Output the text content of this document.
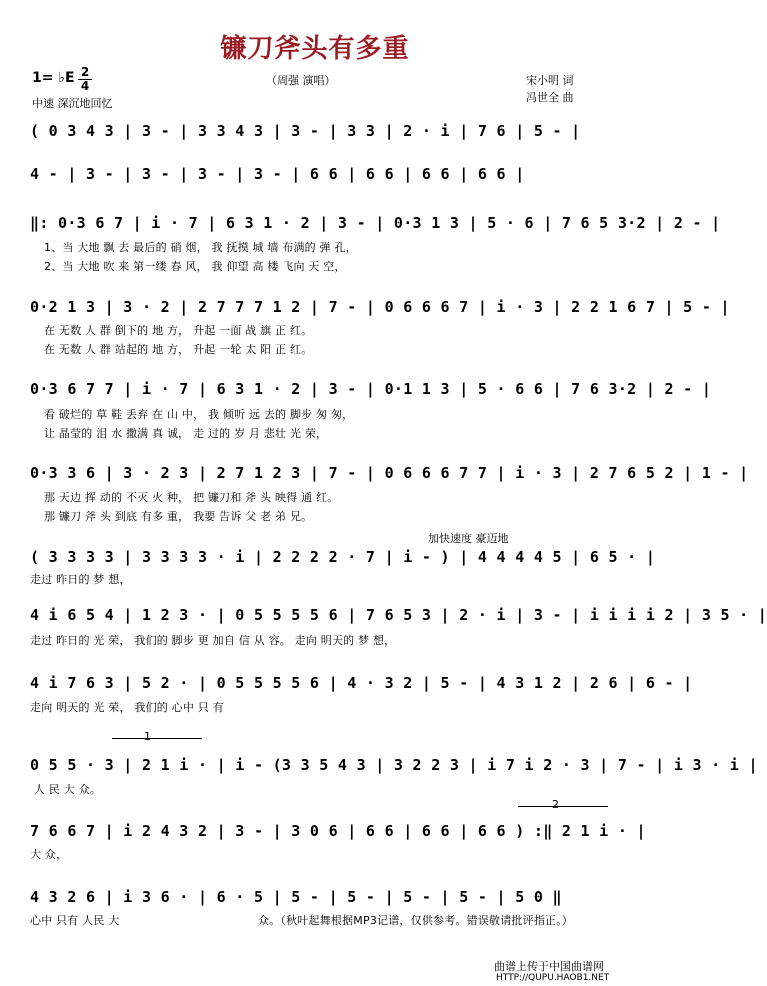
镰刀斧头有多重
1= ♭E $\frac{2}{4}$	（周强 演唱）	宋小明 词
冯世全 曲
中速 深沉地回忆
加快速度 豪迈地
1
2
( 0 3 4 3 | 3 - | 3 3 4 3 | 3 - | 3 3 | 2 · i | 7 6 | 5 - |
4 - | 3 - | 3 - | 3 - | 3 - | 6 6 | 6 6 | 6 6 | 6 6 |
‖: 0·3 6 7 | i · 7 | 6 3 1 · 2 | 3 - | 0·3 1 3 | 5 · 6 | 7 6 5 3·2 | 2 - |
1、当 大地 飘 去 最后的 硝 烟， 我 抚摸 城 墙 布满的 弹 孔，
2、当 大地 吹 来 第一缕 春 风， 我 仰望 高 楼 飞向 天 空，
0·2 1 3 | 3 · 2 | 2 7 7 7 1 2 | 7 - | 0 6 6 6 7 | i · 3 | 2 2 1 6 7 | 5 - |
在 无数 人 群 倒下的 地 方， 升起 一面 战 旗 正 红。
在 无数 人 群 站起的 地 方， 升起 一轮 太 阳 正 红。
0·3 6 7 7 | i · 7 | 6 3 1 · 2 | 3 - | 0·1 1 3 | 5 · 6 6 | 7 6 3·2 | 2 - |
看 破烂的 草 鞋 丢弃 在 山 中， 我 倾听 远 去的 脚步 匆 匆，
让 晶莹的 泪 水 撒满 真 诚， 走 过的 岁 月 悲壮 光 荣，
0·3 3 6 | 3 · 2 3 | 2 7 1 2 3 | 7 - | 0 6 6 6 7 7 | i · 3 | 2 7 6 5 2 | 1 - |
那 天边 挥 动的 不灭 火 种， 把 镰刀和 斧 头 映得 通 红。
那 镰刀 斧 头 到底 有多 重， 我要 告诉 父 老 弟 兄。
( 3 3 3 3 | 3 3 3 3 · i | 2 2 2 2 · 7 | i - ) | 4 4 4 4 5 | 6 5 · |
走过 昨日的 梦 想，
4 i 6 5 4 | 1 2 3 · | 0 5 5 5 5 6 | 7 6 5 3 | 2 · i | 3 - | i i i i 2 | 3 5 · |
走过 昨日的 光 荣， 我们的 脚步 更 加自 信 从 容。 走向 明天的 梦 想，
4 i 7 6 3 | 5 2 · | 0 5 5 5 5 6 | 4 · 3 2 | 5 - | 4 3 1 2 | 2 6 | 6 - |
走向 明天的 光 荣， 我们的 心中 只 有
0 5 5 · 3 | 2 1 i · | i - (3 3 5 4 3 | 3 2 2 3 | i 7 i 2 · 3 | 7 - | i 3 · i |
人 民 大 众。
7 6 6 7 | i 2 4 3 2 | 3 - | 3 0 6 | 6 6 | 6 6 | 6 6 ) :‖ 2 1 i · |
大 众，
4 3 2 6 | i 3 6 · | 6 · 5 | 5 - | 5 - | 5 - | 5 - | 5 0 ‖
心中 只有 人民 大	众。（秋叶起舞根据MP3记谱，仅供参考。错误敬请批评指正。）
曲谱上传于中国曲谱网
HTTP://QUPU.HAOB1.NET
